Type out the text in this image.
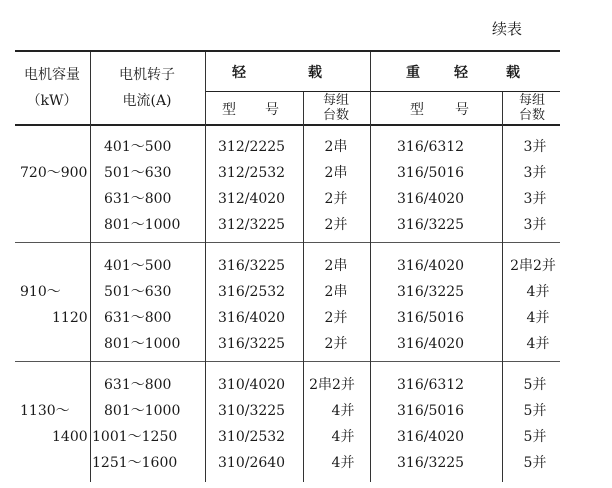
续表
电机容量
（kW）
电机转子
电流(A)
轻	载	重 轻	载
型 号
每组
台数	型 号
每组
台数
720～900
401～500	312/2225	2串	316/6312	3并
501～630	312/2532	2串	316/5016	3并
631～800	312/4020	2并	316/4020	3并
801～1000	312/3225	2并	316/3225	3并
910～
1120
401～500	316/3225	2串	316/4020	2串2并
501～630	316/2532	2串	316/3225	4并
631～800	316/4020	2并	316/5016	4并
801～1000	316/3225	2并	316/4020	4并
1130～
1400
631～800	310/4020 2串2并	316/6312	5并
801～1000	310/3225	4并	316/5016	5并
1001～1250	310/2532	4并	316/4020	5并
1251～1600	310/2640	4并	316/3225	5并
